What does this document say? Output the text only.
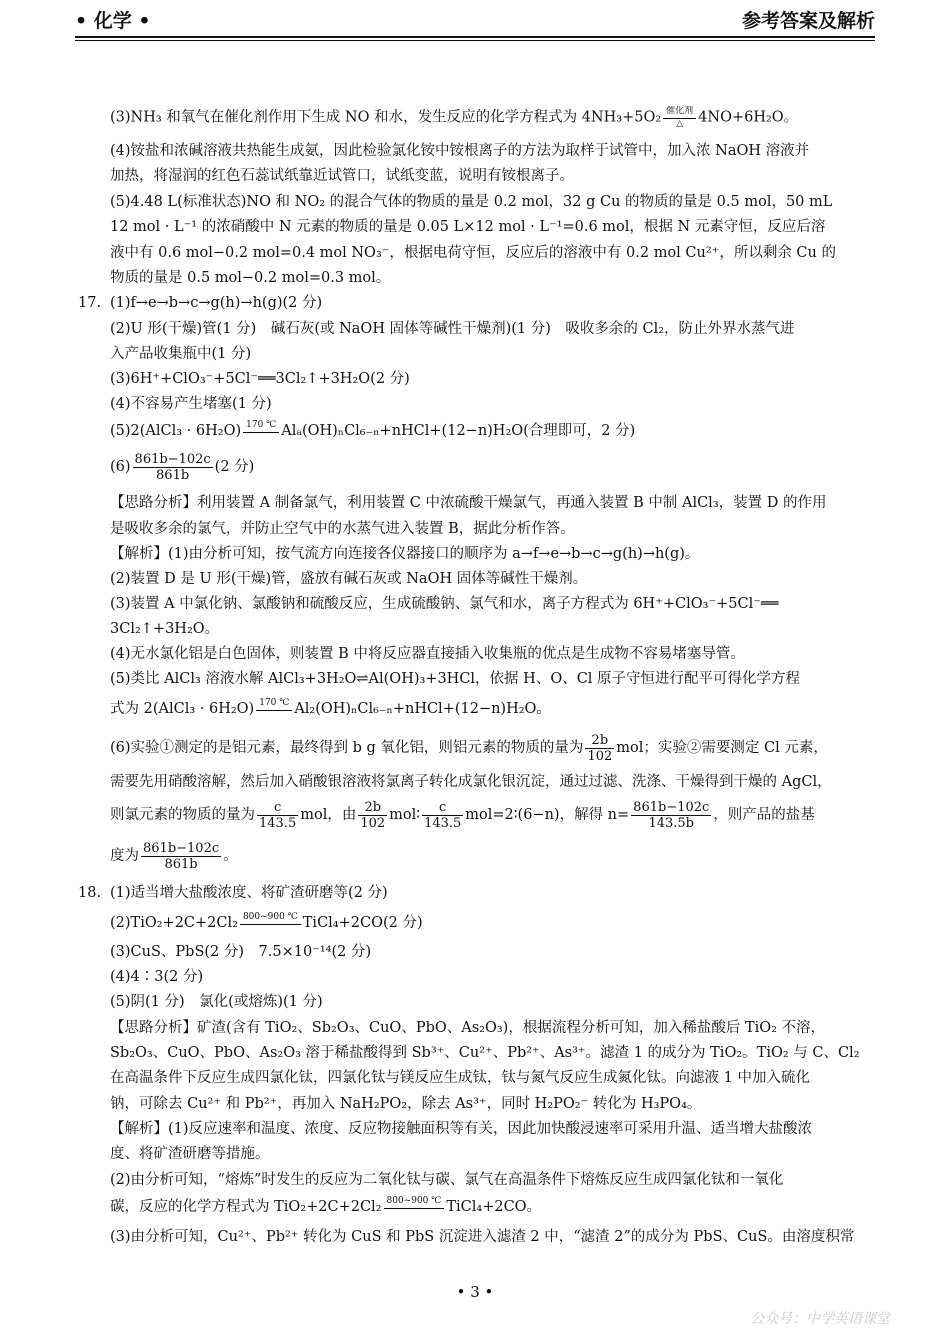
• 化学 •	参考答案及解析
(3)NH₃ 和氧气在催化剂作用下生成 NO 和水，发生反应的化学方程式为 4NH₃+5O₂ 催化剂
△	4NO+6H₂O。
(4)铵盐和浓碱溶液共热能生成氨，因此检验氯化铵中铵根离子的方法为取样于试管中，加入浓 NaOH 溶液并
加热，将湿润的红色石蕊试纸靠近试管口，试纸变蓝，说明有铵根离子。
(5)4.48 L(标准状态)NO 和 NO₂ 的混合气体的物质的量是 0.2 mol，32 g Cu 的物质的量是 0.5 mol，50 mL
12 mol · L⁻¹ 的浓硝酸中 N 元素的物质的量是 0.05 L×12 mol · L⁻¹=0.6 mol，根据 N 元素守恒，反应后溶
液中有 0.6 mol−0.2 mol=0.4 mol NO₃⁻，根据电荷守恒，反应后的溶液中有 0.2 mol Cu²⁺，所以剩余 Cu 的
物质的量是 0.5 mol−0.2 mol=0.3 mol。
17. (1)f→e→b→c→g(h)→h(g)(2 分)
(2)U 形(干燥)管(1 分)　碱石灰(或 NaOH 固体等碱性干燥剂)(1 分)　吸收多余的 Cl₂，防止外界水蒸气进
入产品收集瓶中(1 分)
(3)6H⁺+ClO₃⁻+5Cl⁻══3Cl₂↑+3H₂O(2 分)
(4)不容易产生堵塞(1 分)
(5)2(AlCl₃ · 6H₂O) 170 ℃ Alₐ(OH)ₙCl₆₋ₙ+nHCl+(12−n)H₂O(合理即可，2 分)
$(6) \frac{861b-102c}{861b} (2$ 分)
【思路分析】利用装置 A 制备氯气，利用装置 C 中浓硫酸干燥氯气，再通入装置 B 中制 AlCl₃，装置 D 的作用
是吸收多余的氯气，并防止空气中的水蒸气进入装置 B，据此分析作答。
【解析】(1)由分析可知，按气流方向连接各仪器接口的顺序为 a→f→e→b→c→g(h)→h(g)。
(2)装置 D 是 U 形(干燥)管，盛放有碱石灰或 NaOH 固体等碱性干燥剂。
(3)装置 A 中氯化钠、氯酸钠和硫酸反应，生成硫酸钠、氯气和水，离子方程式为 6H⁺+ClO₃⁻+5Cl⁻══
3Cl₂↑+3H₂O。
(4)无水氯化铝是白色固体，则装置 B 中将反应器直接插入收集瓶的优点是生成物不容易堵塞导管。
(5)类比 AlCl₃ 溶液水解 AlCl₃+3H₂O⇌Al(OH)₃+3HCl，依据 H、O、Cl 原子守恒进行配平可得化学方程
式为 2(AlCl₃ · 6H₂O) 170 ℃ Al₂(OH)ₙCl₆₋ₙ+nHCl+(12−n)H₂O。
(6)实验①测定的是铝元素，最终得到 b g 氧化铝，则铝元素的物质的量为 $\frac{2b}{102}$ mol；实验②需要测定 Cl 元素，
需要先用硝酸溶解，然后加入硝酸银溶液将氯离子转化成氯化银沉淀，通过过滤、洗涤、干燥得到干燥的 AgCl，
则氯元素的物质的量为 $\frac{c}{143.5}$ mol，由 $\frac{2b}{102}$ mol∶ $\frac{c}{143.5}$ mol=2∶(6−n)，解得 $n= \frac{861b-102c}{143.5b}$ ，则产品的盐基
度为 $\frac{861b-102c}{861b}$ 。
18. (1)适当增大盐酸浓度、将矿渣研磨等(2 分)
(2)TiO₂+2C+2Cl₂ 800~900 ℃ TiCl₄+2CO(2 分)
(3)CuS、PbS(2 分)　7.5×10⁻¹⁴(2 分)
(4)4∶3(2 分)
(5)阴(1 分)　氯化(或熔炼)(1 分)
【思路分析】矿渣(含有 TiO₂、Sb₂O₃、CuO、PbO、As₂O₃)，根据流程分析可知，加入稀盐酸后 TiO₂ 不溶，
Sb₂O₃、CuO、PbO、As₂O₃ 溶于稀盐酸得到 Sb³⁺、Cu²⁺、Pb²⁺、As³⁺。滤渣 1 的成分为 TiO₂。TiO₂ 与 C、Cl₂
在高温条件下反应生成四氯化钛，四氯化钛与镁反应生成钛，钛与氮气反应生成氮化钛。向滤液 1 中加入硫化
钠，可除去 Cu²⁺ 和 Pb²⁺，再加入 NaH₂PO₂，除去 As³⁺，同时 H₂PO₂⁻ 转化为 H₃PO₄。
【解析】(1)反应速率和温度、浓度、反应物接触面积等有关，因此加快酸浸速率可采用升温、适当增大盐酸浓
度、将矿渣研磨等措施。
(2)由分析可知，“熔炼”时发生的反应为二氧化钛与碳、氯气在高温条件下熔炼反应生成四氯化钛和一氧化
碳，反应的化学方程式为 TiO₂+2C+2Cl₂ 800~900 ℃ TiCl₄+2CO。
(3)由分析可知，Cu²⁺、Pb²⁺ 转化为 CuS 和 PbS 沉淀进入滤渣 2 中，“滤渣 2”的成分为 PbS、CuS。由溶度积常
• 3 •
公众号：中学英语课堂
